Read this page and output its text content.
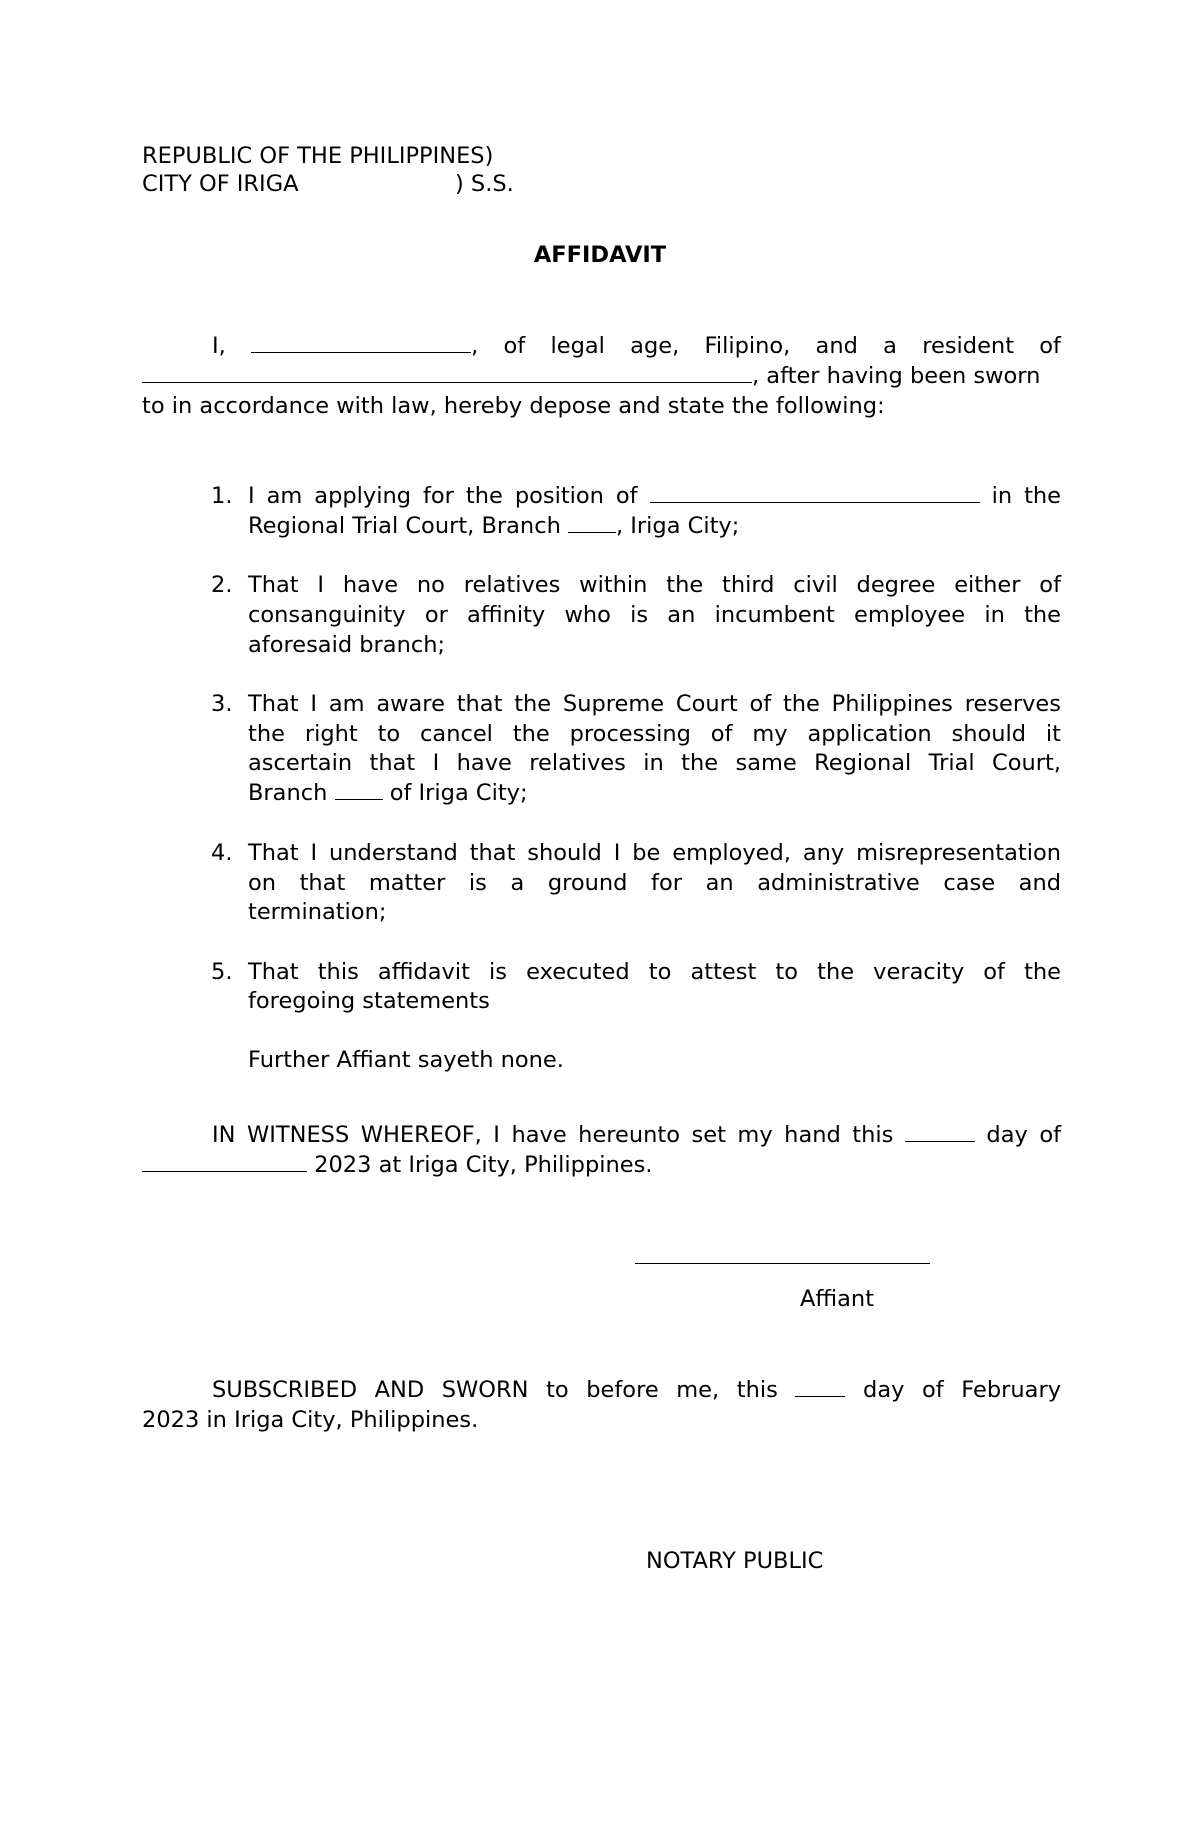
REPUBLIC OF THE PHILIPPINES)
CITY OF IRIGA	) S.S.
AFFIDAVIT
I,	, of legal age, Filipino, and a resident of
, after having been sworn
to in accordance with law, hereby depose and state the following:
1. I am applying for the position of	in the
Regional Trial Court, Branch , Iriga City;
2. That I have no relatives within the third civil degree either of
consanguinity or affinity who is an incumbent employee in the
aforesaid branch;
3. That I am aware that the Supreme Court of the Philippines reserves
the right to cancel the processing of my application should it
ascertain that I have relatives in the same Regional Trial Court,
Branch	of Iriga City;
4. That I understand that should I be employed, any misrepresentation
on that matter is a ground for an administrative case and
termination;
5. That this affidavit is executed to attest to the veracity of the
foregoing statements
Further Affiant sayeth none.
IN WITNESS WHEREOF, I have hereunto set my hand this	day of
2023 at Iriga City, Philippines.
Affiant
SUBSCRIBED AND SWORN to before me, this	day of February
2023 in Iriga City, Philippines.
NOTARY PUBLIC
